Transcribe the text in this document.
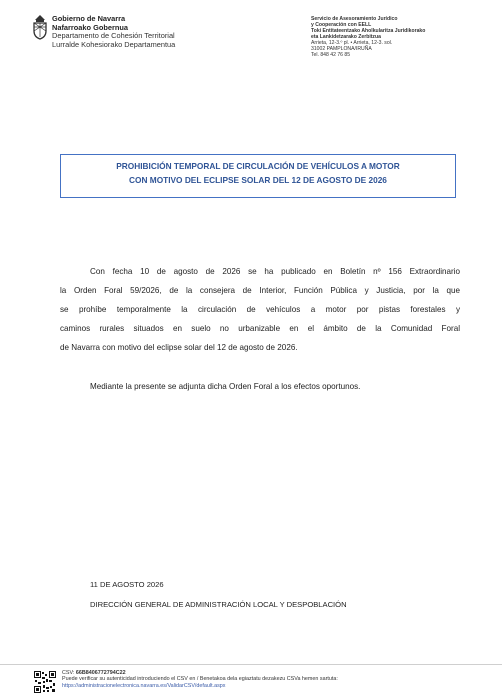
Gobierno de Navarra
Nafarroako Gobernua
Departamento de Cohesión Territorial
Lurralde Kohesiorako Departamentua
Servicio de Asesoramiento Jurídico
y Cooperación con EELL
Toki Entitateentzako Aholkularitza Juridikorako
eta Lankidetzarako Zerbitzua
Arrieta, 12-3.º pl. • Arrieta, 12-3. sol.
31002 PAMPLONA/IRUÑA
Tel. 848 42 76 85
PROHIBICIÓN TEMPORAL DE CIRCULACIÓN DE VEHÍCULOS A MOTOR
CON MOTIVO DEL ECLIPSE SOLAR DEL 12 DE AGOSTO DE 2026
Con fecha 10 de agosto de 2026 se ha publicado en Boletín nº 156 Extraordinario
la Orden Foral 59/2026, de la consejera de Interior, Función Pública y Justicia, por la que
se prohíbe temporalmente la circulación de vehículos a motor por pistas forestales y
caminos rurales situados en suelo no urbanizable en el ámbito de la Comunidad Foral
de Navarra con motivo del eclipse solar del 12 de agosto de 2026.
Mediante la presente se adjunta dicha Orden Foral a los efectos oportunos.
11 DE AGOSTO 2026
DIRECCIÓN GENERAL DE ADMINISTRACIÓN LOCAL Y DESPOBLACIÓN
CSV: 66B8406772794C22
Puede verificar su autenticidad introduciendo el CSV en / Benetakoa dela egiaztatu dezakezu CSVa hemen sartuta:
https://administracionelectronica.navarra.es/ValidarCSV/default.aspx
